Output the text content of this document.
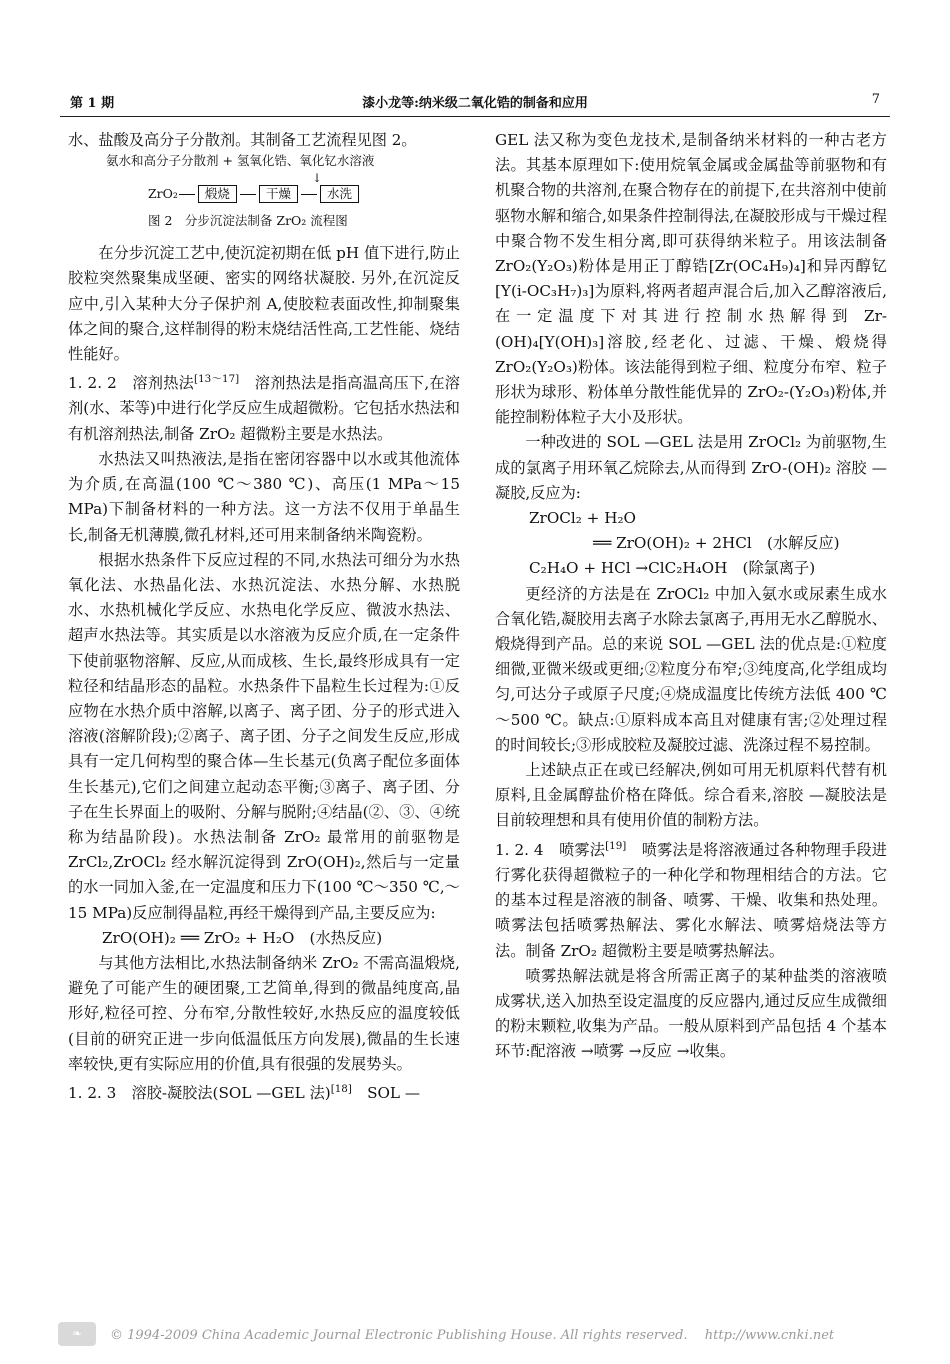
第 1 期	漆小龙等:纳米级二氧化锆的制备和应用	7

水、盐酸及高分子分散剂。其制备工艺流程见图 2。

氨水和高分子分散剂 + 氢氧化锆、氧化钇水溶液
↓
ZrO₂	煅烧	干燥	水洗
图 2　分步沉淀法制备 ZrO₂ 流程图

在分步沉淀工艺中,使沉淀初期在低 pH 值下进行,防止胶粒突然聚集成坚硬、密实的网络状凝胶. 另外,在沉淀反应中,引入某种大分子保护剂 A,使胶粒表面改性,抑制聚集体之间的聚合,这样制得的粉末烧结活性高,工艺性能、烧结性能好。

1. 2. 2　溶剂热法[13～17]　溶剂热法是指高温高压下,在溶剂(水、苯等)中进行化学反应生成超微粉。它包括水热法和有机溶剂热法,制备 ZrO₂ 超微粉主要是水热法。

水热法又叫热液法,是指在密闭容器中以水或其他流体为介质,在高温(100 ℃～380 ℃)、高压(1 MPa～15 MPa)下制备材料的一种方法。这一方法不仅用于单晶生长,制备无机薄膜,微孔材料,还可用来制备纳米陶瓷粉。

根据水热条件下反应过程的不同,水热法可细分为水热氧化法、水热晶化法、水热沉淀法、水热分解、水热脱水、水热机械化学反应、水热电化学反应、微波水热法、超声水热法等。其实质是以水溶液为反应介质,在一定条件下使前驱物溶解、反应,从而成核、生长,最终形成具有一定粒径和结晶形态的晶粒。水热条件下晶粒生长过程为:①反应物在水热介质中溶解,以离子、离子团、分子的形式进入溶液(溶解阶段);②离子、离子团、分子之间发生反应,形成具有一定几何构型的聚合体—生长基元(负离子配位多面体生长基元),它们之间建立起动态平衡;③离子、离子团、分子在生长界面上的吸附、分解与脱附;④结晶(②、③、④统称为结晶阶段)。水热法制备 ZrO₂ 最常用的前驱物是 ZrCl₂,ZrOCl₂ 经水解沉淀得到 ZrO(OH)₂,然后与一定量的水一同加入釜,在一定温度和压力下(100 ℃～350 ℃,～15 MPa)反应制得晶粒,再经干燥得到产品,主要反应为:

ZrO(OH)₂ ══ ZrO₂ + H₂O　(水热反应)

与其他方法相比,水热法制备纳米 ZrO₂ 不需高温煅烧,避免了可能产生的硬团聚,工艺简单,得到的微晶纯度高,晶形好,粒径可控、分布窄,分散性较好,水热反应的温度较低(目前的研究正进一步向低温低压方向发展),微晶的生长速率较快,更有实际应用的价值,具有很强的发展势头。

1. 2. 3　溶胶-凝胶法(SOL —GEL 法)[18]　SOL —

GEL 法又称为变色龙技术,是制备纳米材料的一种古老方法。其基本原理如下:使用烷氧金属或金属盐等前驱物和有机聚合物的共溶剂,在聚合物存在的前提下,在共溶剂中使前驱物水解和缩合,如果条件控制得法,在凝胶形成与干燥过程中聚合物不发生相分离,即可获得纳米粒子。用该法制备 ZrO₂(Y₂O₃)粉体是用正丁醇锆[Zr(OC₄H₉)₄]和异丙醇钇[Y(i-OC₃H₇)₃]为原料,将两者超声混合后,加入乙醇溶液后,在一定温度下对其进行控制水热解得到 Zr-(OH)₄[Y(OH)₃]溶胶,经老化、过滤、干燥、煅烧得 ZrO₂(Y₂O₃)粉体。该法能得到粒子细、粒度分布窄、粒子形状为球形、粉体单分散性能优异的 ZrO₂-(Y₂O₃)粉体,并能控制粉体粒子大小及形状。

一种改进的 SOL —GEL 法是用 ZrOCl₂ 为前驱物,生成的氯离子用环氧乙烷除去,从而得到 ZrO-(OH)₂ 溶胶 —凝胶,反应为:

ZrOCl₂ + H₂O

══ ZrO(OH)₂ + 2HCl　(水解反应)

C₂H₄O + HCl →ClC₂H₄OH　(除氯离子)

更经济的方法是在 ZrOCl₂ 中加入氨水或尿素生成水合氧化锆,凝胶用去离子水除去氯离子,再用无水乙醇脱水、煅烧得到产品。总的来说 SOL —GEL 法的优点是:①粒度细微,亚微米级或更细;②粒度分布窄;③纯度高,化学组成均匀,可达分子或原子尺度;④烧成温度比传统方法低 400 ℃～500 ℃。缺点:①原料成本高且对健康有害;②处理过程的时间较长;③形成胶粒及凝胶过滤、洗涤过程不易控制。

上述缺点正在或已经解决,例如可用无机原料代替有机原料,且金属醇盐价格在降低。综合看来,溶胶 —凝胶法是目前较理想和具有使用价值的制粉方法。

1. 2. 4　喷雾法[19]　喷雾法是将溶液通过各种物理手段进行雾化获得超微粒子的一种化学和物理相结合的方法。它的基本过程是溶液的制备、喷雾、干燥、收集和热处理。喷雾法包括喷雾热解法、雾化水解法、喷雾焙烧法等方法。制备 ZrO₂ 超微粉主要是喷雾热解法。

喷雾热解法就是将含所需正离子的某种盐类的溶液喷成雾状,送入加热至设定温度的反应器内,通过反应生成微细的粉末颗粒,收集为产品。一般从原料到产品包括 4 个基本环节:配溶液 →喷雾 →反应 →收集。

❧	© 1994-2009 China Academic Journal Electronic Publishing House. All rights reserved.　 http://www.cnki.net
